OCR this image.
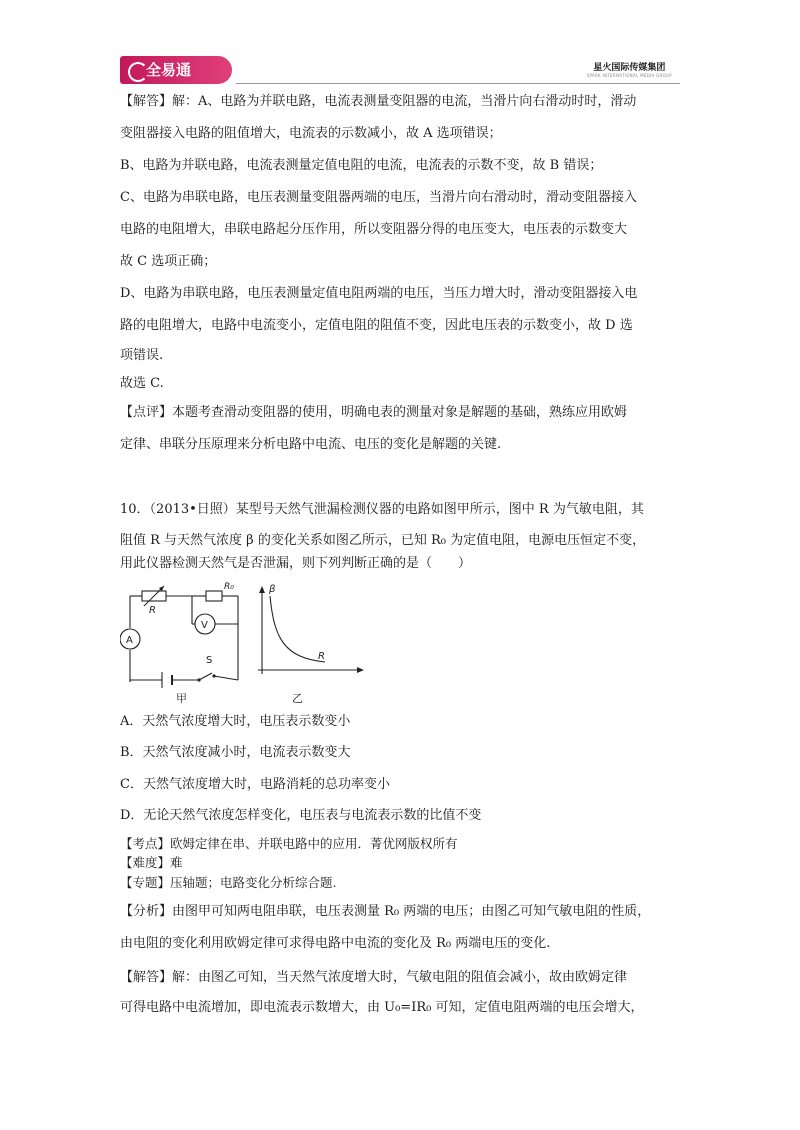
全易通	星火国际传媒集团
SPARK INTERNATIONAL MEDIA GROUP
【解答】解：A、电路为并联电路，电流表测量变阻器的电流，当滑片向右滑动时时，滑动
变阻器接入电路的阻值增大，电流表的示数减小，故 A 选项错误；
B、电路为并联电路，电流表测量定值电阻的电流，电流表的示数不变，故 B 错误；
C、电路为串联电路，电压表测量变阻器两端的电压，当滑片向右滑动时，滑动变阻器接入
电路的电阻增大，串联电路起分压作用，所以变阻器分得的电压变大，电压表的示数变大
故 C 选项正确；
D、电路为串联电路，电压表测量定值电阻两端的电压，当压力增大时，滑动变阻器接入电
路的电阻增大，电路中电流变小，定值电阻的阻值不变，因此电压表的示数变小，故 D 选
项错误.
故选 C.
【点评】本题考查滑动变阻器的使用，明确电表的测量对象是解题的基础，熟练应用欧姆
定律、串联分压原理来分析电路中电流、电压的变化是解题的关键.
10．（2013•日照）某型号天然气泄漏检测仪器的电路如图甲所示，图中 R 为气敏电阻，其
阻值 R 与天然气浓度 β 的变化关系如图乙所示，已知 R₀ 为定值电阻，电源电压恒定不变，
用此仪器检测天然气是否泄漏，则下列判断正确的是（　　）
A．天然气浓度增大时，电压表示数变小
B．天然气浓度减小时，电流表示数变大
C．天然气浓度增大时，电路消耗的总功率变小
D．无论天然气浓度怎样变化，电压表与电流表示数的比值不变
【考点】欧姆定律在串、并联电路中的应用．菁优网版权所有
【难度】难
【专题】压轴题；电路变化分析综合题.
【分析】由图甲可知两电阻串联，电压表测量 R₀ 两端的电压；由图乙可知气敏电阻的性质，
由电阻的变化利用欧姆定律可求得电路中电流的变化及 R₀ 两端电压的变化.
【解答】解：由图乙可知，当天然气浓度增大时，气敏电阻的阻值会减小，故由欧姆定律
可得电路中电流增加，即电流表示数增大，由 U₀=IR₀ 可知，定值电阻两端的电压会增大，
R
R₀
V
A
S
甲
β
R
乙
